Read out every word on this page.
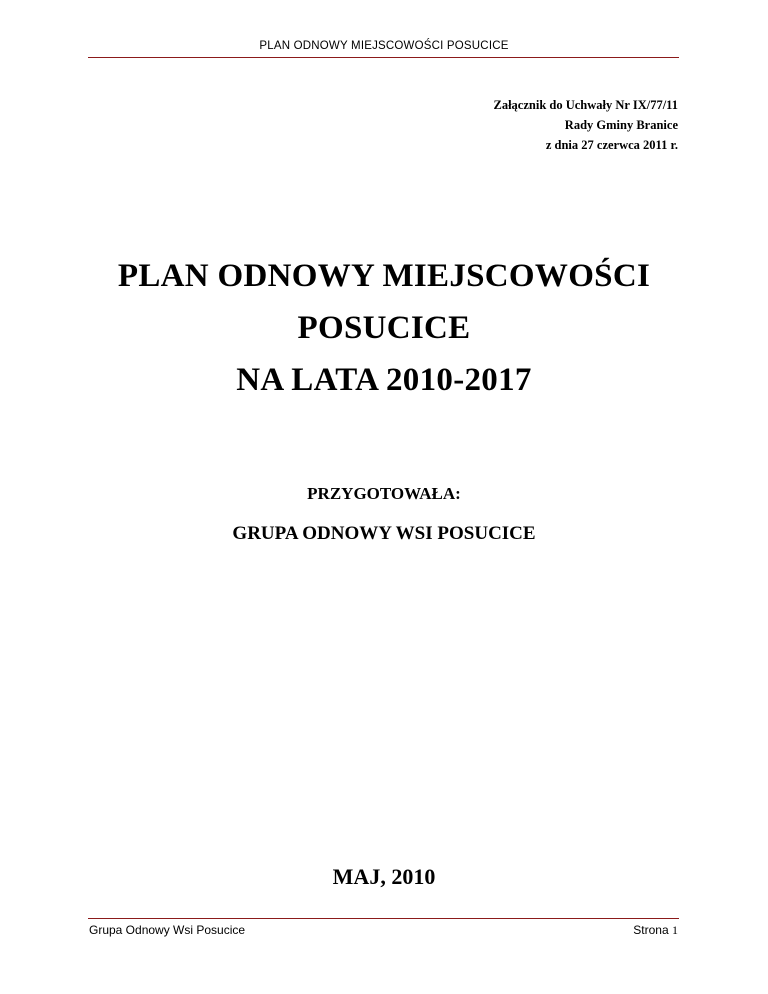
PLAN ODNOWY MIEJSCOWOŚCI POSUCICE
Załącznik do Uchwały Nr IX/77/11
Rady Gminy Branice
z dnia 27 czerwca 2011 r.
PLAN ODNOWY MIEJSCOWOŚCI
POSUCICE
NA LATA 2010-2017
PRZYGOTOWAŁA:
GRUPA ODNOWY WSI POSUCICE
MAJ, 2010
Grupa Odnowy Wsi Posucice	Strona 1
